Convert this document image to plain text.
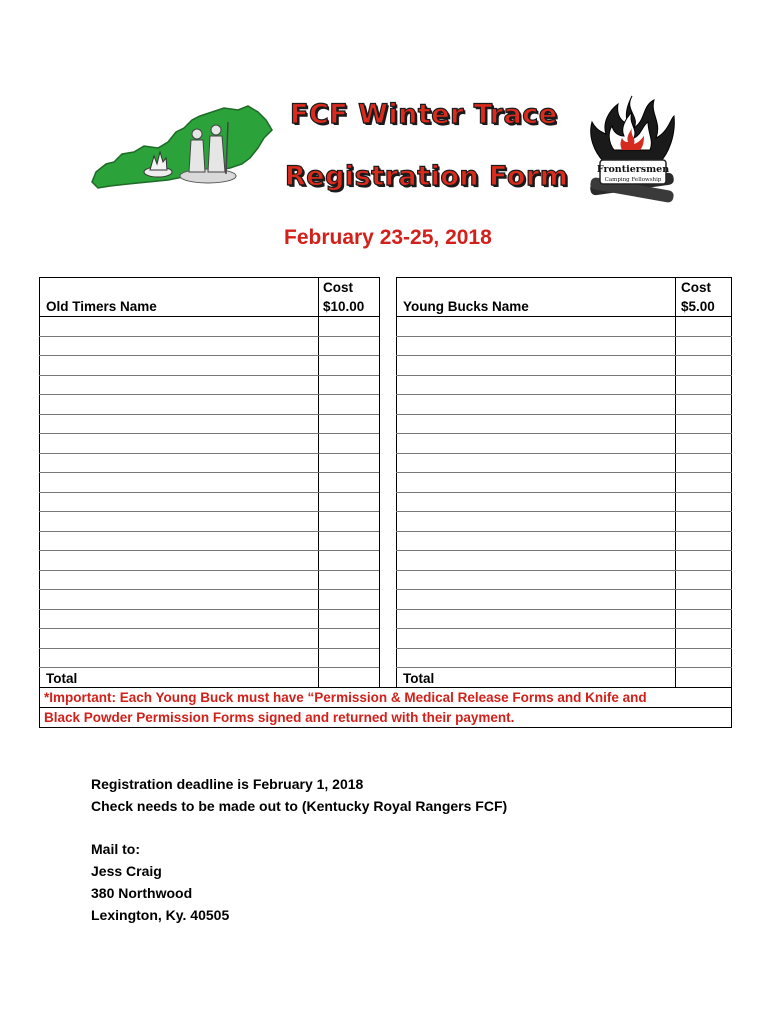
FCF Winter Trace
Registration Form	Frontiersmen
Camping Fellowship
February 23-25, 2018
Cost
$10.00
Old Timers Name
Cost
$5.00
Young Bucks Name
Total	Total
*Important: Each Young Buck must have “Permission & Medical Release Forms and Knife and
Black Powder Permission Forms signed and returned with their payment.
Registration deadline is February 1, 2018
Check needs to be made out to (Kentucky Royal Rangers FCF)
Mail to:
Jess Craig
380 Northwood
Lexington, Ky. 40505
